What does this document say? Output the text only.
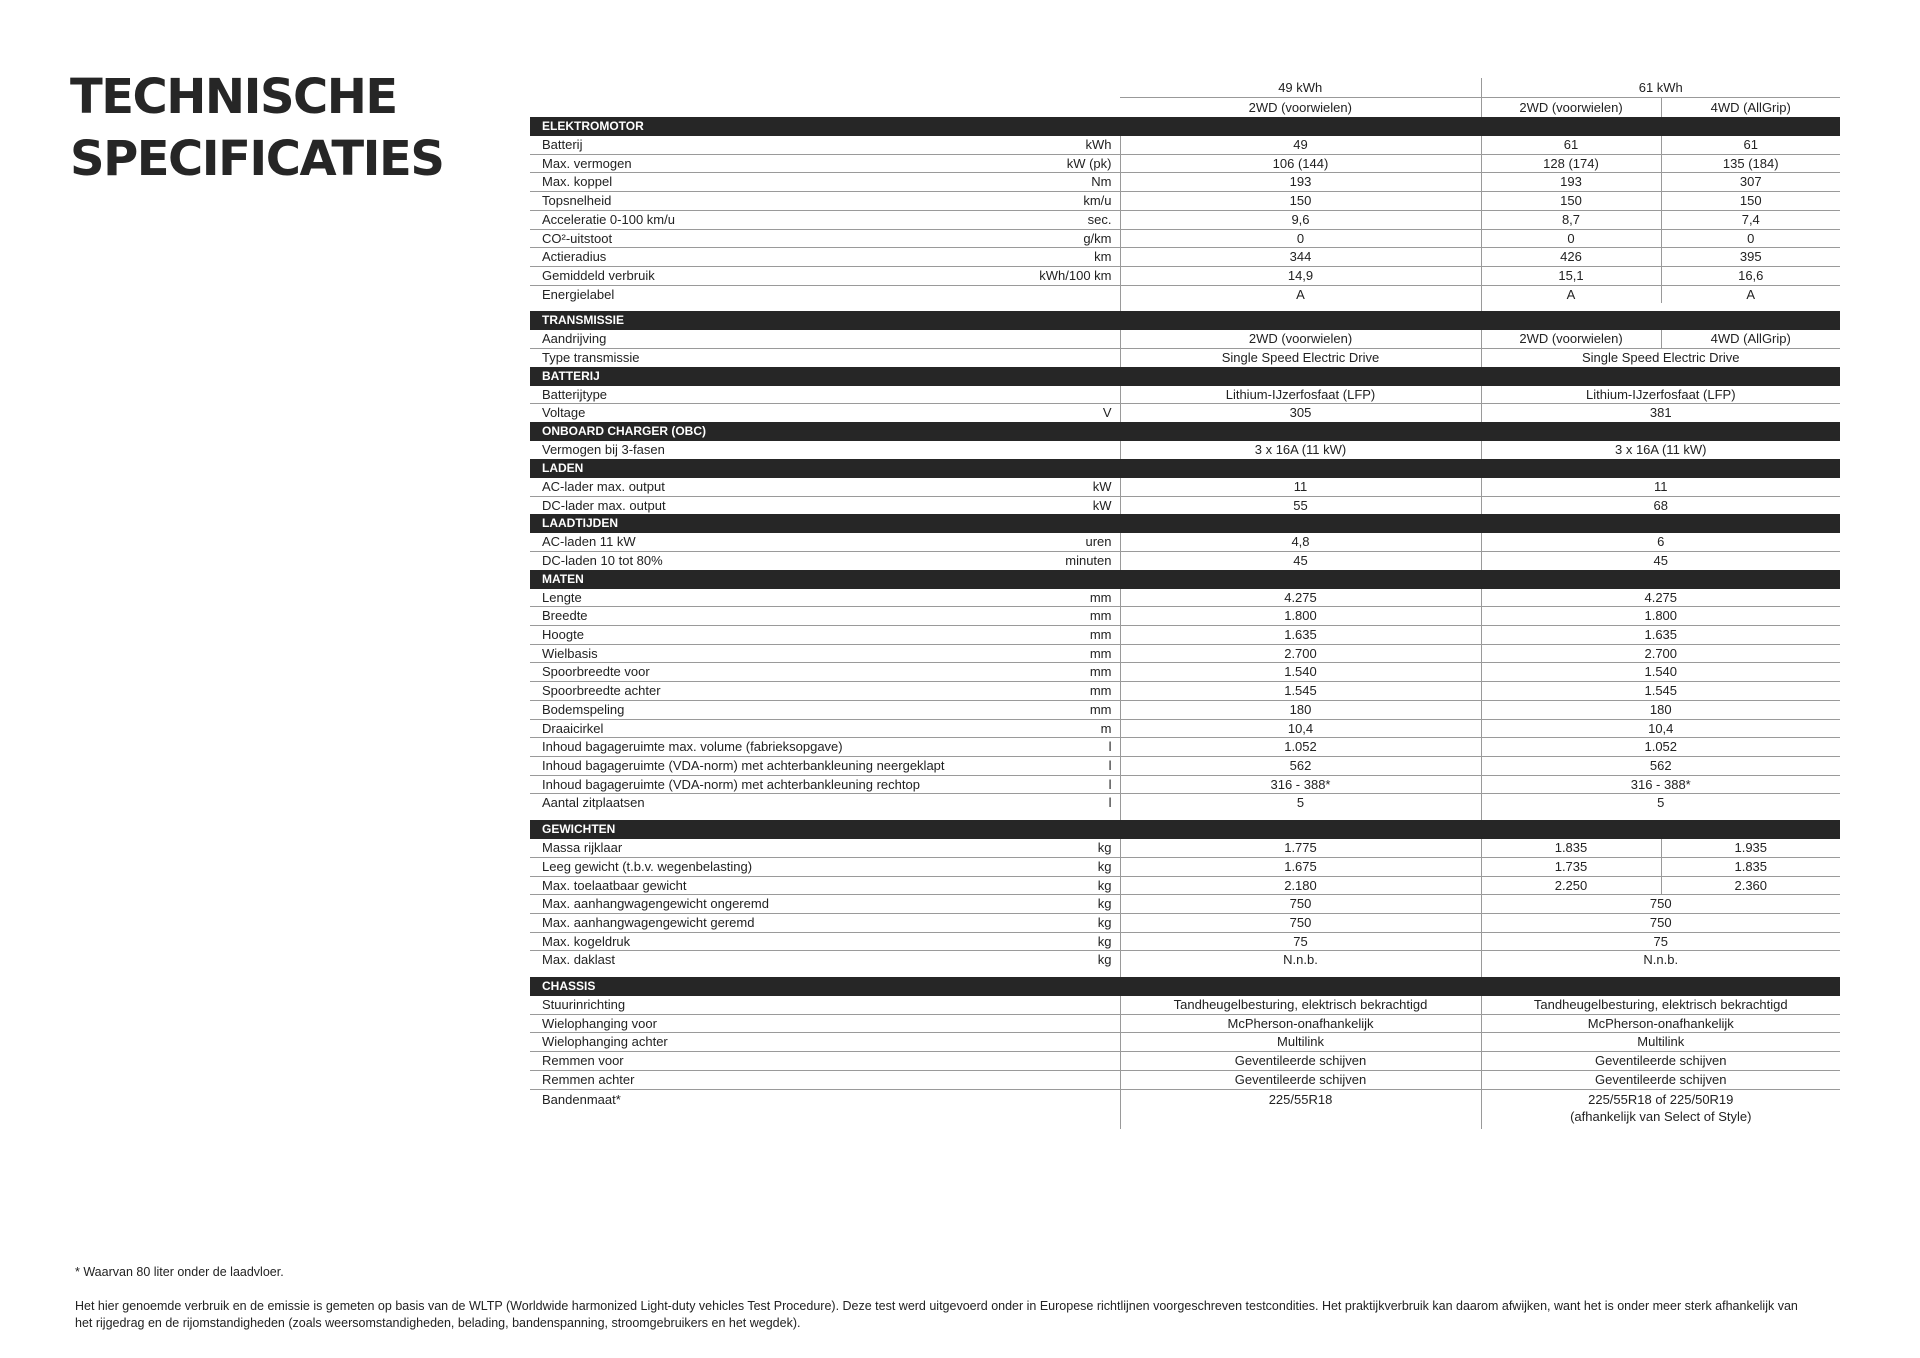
TECHNISCHE
SPECIFICATIES
		49 kWh	61 kWh	
		2WD (voorwielen)	2WD (voorwielen)	4WD (AllGrip)
ELEKTROMOTOR				
Batterij	kWh	49	61	61
Max. vermogen	kW (pk)	106 (144)	128 (174)	135 (184)
Max. koppel	Nm	193	193	307
Topsnelheid	km/u	150	150	150
Acceleratie 0-100 km/u	sec.	9,6	8,7	7,4
CO²-uitstoot	g/km	0	0	0
Actieradius	km	344	426	395
Gemiddeld verbruik	kWh/100 km	14,9	15,1	16,6
Energielabel		A	A	A

TRANSMISSIE				
Aandrijving		2WD (voorwielen)	2WD (voorwielen)	4WD (AllGrip)
Type transmissie		Single Speed Electric Drive	Single Speed Electric Drive	
BATTERIJ				
Batterijtype		Lithium-IJzerfosfaat (LFP)	Lithium-IJzerfosfaat (LFP)	
Voltage	V	305	381	
ONBOARD CHARGER (OBC)				
Vermogen bij 3-fasen		3 x 16A (11 kW)	3 x 16A (11 kW)	
LADEN				
AC-lader max. output	kW	11	11	
DC-lader max. output	kW	55	68	
LAADTIJDEN				
AC-laden 11 kW	uren	4,8	6	
DC-laden 10 tot 80%	minuten	45	45	
MATEN				
Lengte	mm	4.275	4.275	
Breedte	mm	1.800	1.800	
Hoogte	mm	1.635	1.635	
Wielbasis	mm	2.700	2.700	
Spoorbreedte voor	mm	1.540	1.540	
Spoorbreedte achter	mm	1.545	1.545	
Bodemspeling	mm	180	180	
Draaicirkel	m	10,4	10,4	
Inhoud bagageruimte max. volume (fabrieksopgave)	l	1.052	1.052	
Inhoud bagageruimte (VDA-norm) met achterbankleuning neergeklapt	l	562	562	
Inhoud bagageruimte (VDA-norm) met achterbankleuning rechtop	l	316 - 388*	316 - 388*	
Aantal zitplaatsen	l	5	5	

GEWICHTEN				
Massa rijklaar	kg	1.775	1.835	1.935
Leeg gewicht (t.b.v. wegenbelasting)	kg	1.675	1.735	1.835
Max. toelaatbaar gewicht	kg	2.180	2.250	2.360
Max. aanhangwagengewicht ongeremd	kg	750	750	
Max. aanhangwagengewicht geremd	kg	750	750	
Max. kogeldruk	kg	75	75	
Max. daklast	kg	N.n.b.	N.n.b.	

CHASSIS				
Stuurinrichting		Tandheugelbesturing, elektrisch bekrachtigd	Tandheugelbesturing, elektrisch bekrachtigd	
Wielophanging voor		McPherson-onafhankelijk	McPherson-onafhankelijk	
Wielophanging achter		Multilink	Multilink	
Remmen voor		Geventileerde schijven	Geventileerde schijven	
Remmen achter		Geventileerde schijven	Geventileerde schijven	
Bandenmaat*		225/55R18	225/55R18 of 225/50R19
(afhankelijk van Select of Style)	

* Waarvan 80 liter onder de laadvloer.

Het hier genoemde verbruik en de emissie is gemeten op basis van de WLTP (Worldwide harmonized Light-duty vehicles Test Procedure). Deze test werd uitgevoerd onder in Europese richtlijnen voorgeschreven testcondities. Het praktijkverbruik kan daarom afwijken, want het is onder meer sterk afhankelijk van het rijgedrag en de rijomstandigheden (zoals weersomstandigheden, belading, bandenspanning, stroomgebruikers en het wegdek).
